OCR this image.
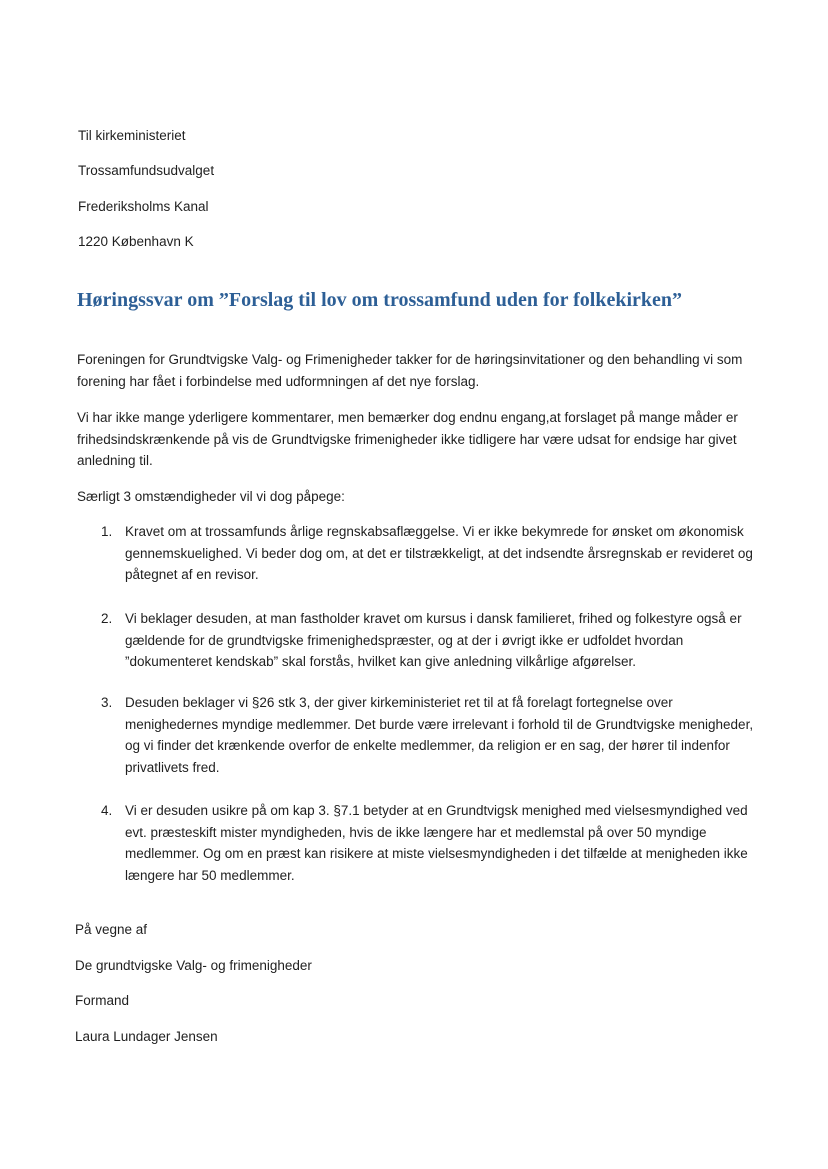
Til kirkeministeriet

Trossamfundsudvalget

Frederiksholms Kanal

1220 København K

Høringssvar om ”Forslag til lov om trossamfund uden for folkekirken”

Foreningen for Grundtvigske Valg- og Frimenigheder takker for de høringsinvitationer og den behandling vi som forening har fået i forbindelse med udformningen af det nye forslag.

Vi har ikke mange yderligere kommentarer, men bemærker dog endnu engang,at forslaget på mange måder er frihedsindskrænkende på vis de Grundtvigske frimenigheder ikke tidligere har være udsat for endsige har givet anledning til.

Særligt 3 omstændigheder vil vi dog påpege:

1. Kravet om at trossamfunds årlige regnskabsaflæggelse. Vi er ikke bekymrede for ønsket om økonomisk gennemskuelighed. Vi beder dog om, at det er tilstrækkeligt, at det indsendte årsregnskab er revideret og påtegnet af en revisor.

2. Vi beklager desuden, at man fastholder kravet om kursus i dansk familieret, frihed og folkestyre også er gældende for de grundtvigske frimenighedspræster, og at der i øvrigt ikke er udfoldet hvordan ”dokumenteret kendskab” skal forstås, hvilket kan give anledning vilkårlige afgørelser.

3. Desuden beklager vi §26 stk 3, der giver kirkeministeriet ret til at få forelagt fortegnelse over menighedernes myndige medlemmer. Det burde være irrelevant i forhold til de Grundtvigske menigheder, og vi finder det krænkende overfor de enkelte medlemmer, da religion er en sag, der hører til indenfor privatlivets fred.

4. Vi er desuden usikre på om kap 3. §7.1 betyder at en Grundtvigsk menighed med vielsesmyndighed ved evt. præsteskift mister myndigheden, hvis de ikke længere har et medlemstal på over 50 myndige medlemmer. Og om en præst kan risikere at miste vielsesmyndigheden i det tilfælde at menigheden ikke længere har 50 medlemmer.

På vegne af

De grundtvigske Valg- og frimenigheder

Formand

Laura Lundager Jensen
